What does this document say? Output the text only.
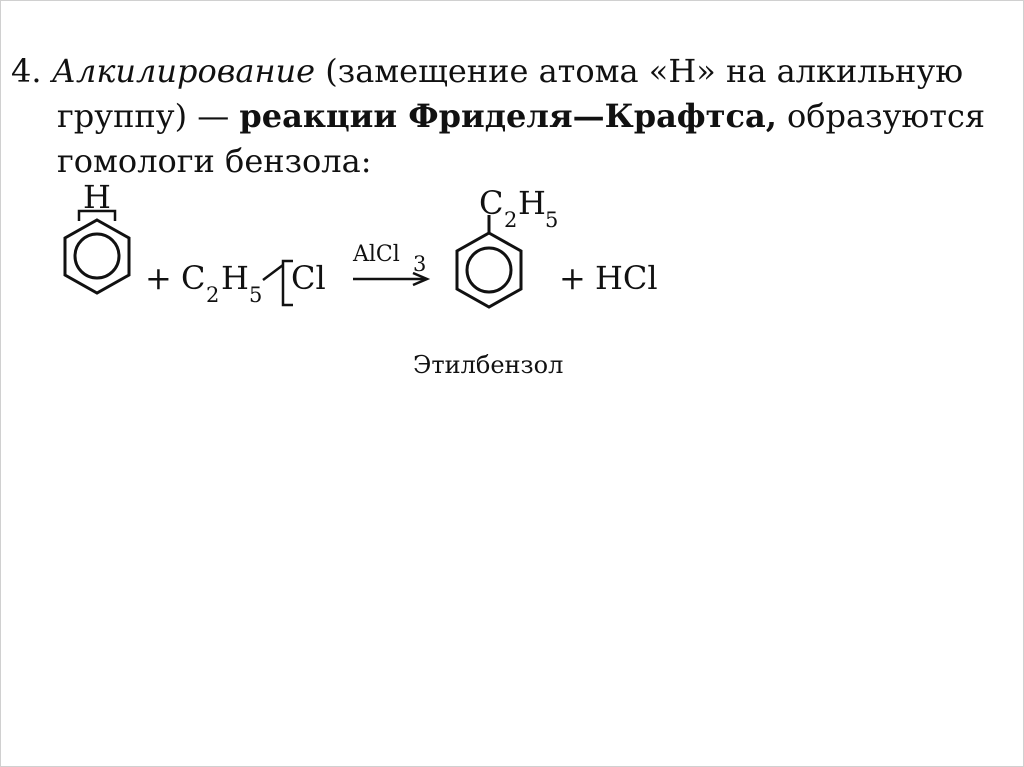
4. Алкилирование (замещение атома «H» на алкильную
группу) — реакции Фриделя—Крафтса, образуются
гомологи бензола:
H
+ C 2 H 5 Cl
AlCl 3
C 2 H 5
+ HCl
Этилбензол
